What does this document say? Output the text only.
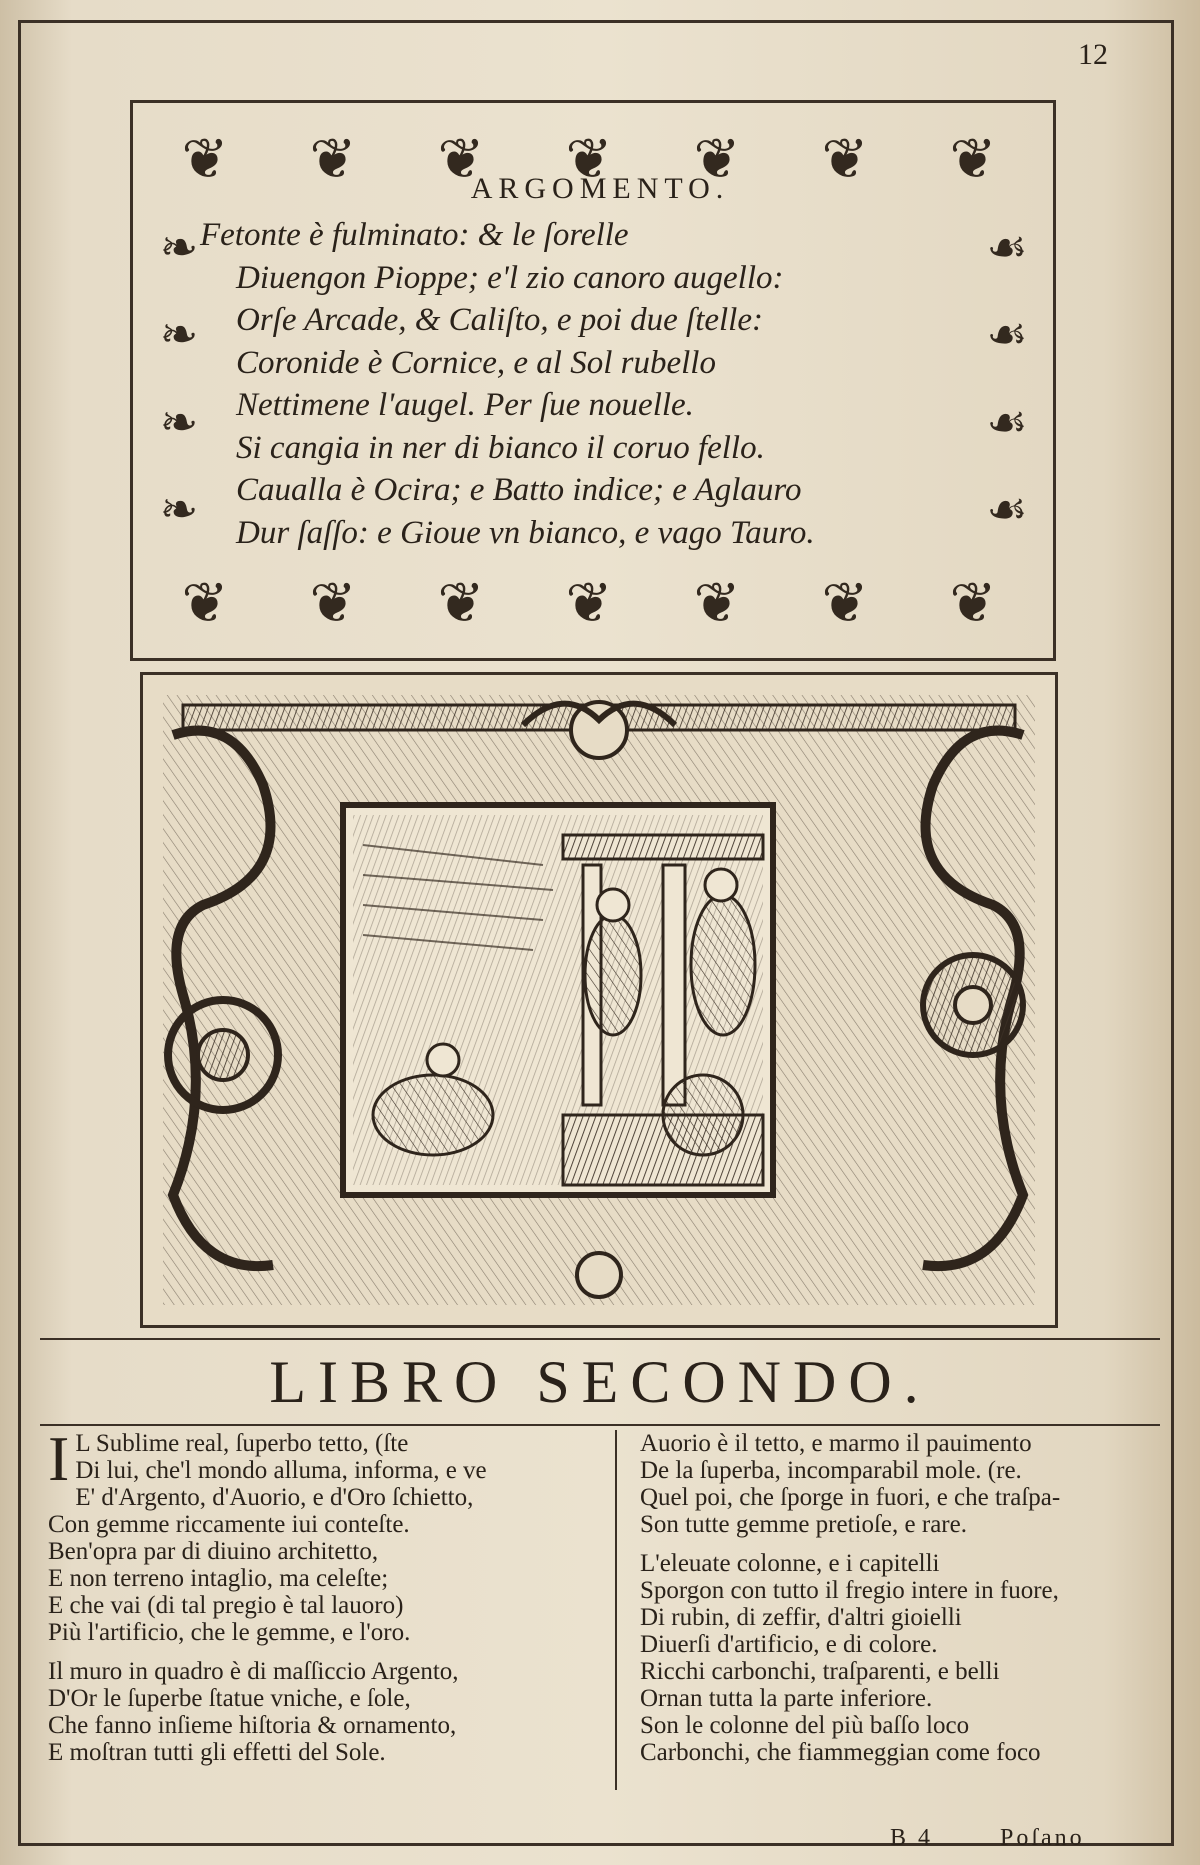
12
❦ ❦ ❦ ❦ ❦ ❦ ❦
❧
❧
❧
❧
☙
☙
☙
☙
❦ ❦ ❦ ❦ ❦ ❦ ❦
ARGOMENTO.
Fetonte è fulminato: & le ſorelle
Diuengon Pioppe; e'l zio canoro augello:
Orſe Arcade, & Caliſto, e poi due ſtelle:
Coronide è Cornice, e al Sol rubello
Nettimene l'augel. Per ſue nouelle.
Si cangia in ner di bianco il coruo fello.
Caualla è Ocira; e Batto indice; e Aglauro
Dur ſaſſo: e Gioue vn bianco, e vago Tauro.
LIBRO SECONDO.
I L Sublime real, ſuperbo tetto, (ſte
Di lui, che'l mondo alluma, informa, e ve
E' d'Argento, d'Auorio, e d'Oro ſchietto,
Con gemme riccamente iui conteſte.
Ben'opra par di diuino architetto,
E non terreno intaglio, ma celeſte;
E che vai (di tal pregio è tal lauoro)
Più l'artificio, che le gemme, e l'oro.
Il muro in quadro è di maſſiccio Argento,
D'Or le ſuperbe ſtatue vniche, e ſole,
Che fanno inſieme hiſtoria & ornamento,
E moſtran tutti gli effetti del Sole.
Auorio è il tetto, e marmo il pauimento
De la ſuperba, incomparabil mole. (re.
Quel poi, che ſporge in fuori, e che traſpa-
Son tutte gemme pretioſe, e rare.
L'eleuate colonne, e i capitelli
Sporgon con tutto il fregio intere in fuore,
Di rubin, di zeffir, d'altri gioielli
Diuerſi d'artificio, e di colore.
Ricchi carbonchi, traſparenti, e belli
Ornan tutta la parte inferiore.
Son le colonne del più baſſo loco
Carbonchi, che fiammeggian come foco
B 4	Poſano
